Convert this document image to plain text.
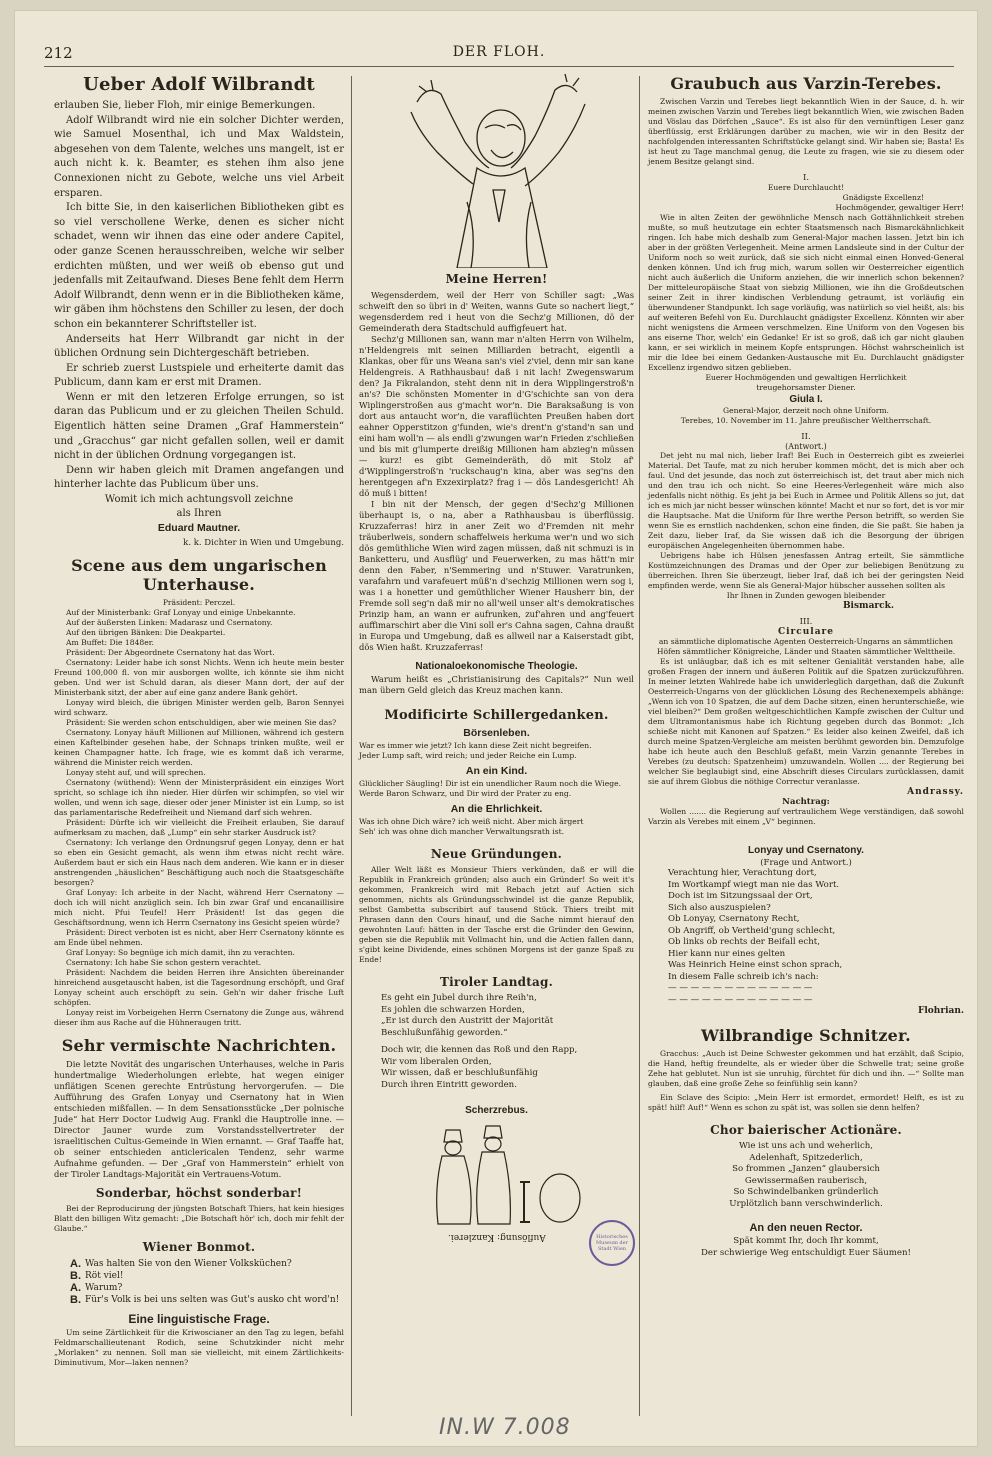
212	DER FLOH.
Ueber Adolf Wilbrandt

erlauben Sie, lieber Floh, mir einige Bemerkungen.

Adolf Wilbrandt wird nie ein solcher Dichter werden, wie Samuel Mosenthal, ich und Max Waldstein, abgesehen von dem Talente, welches uns mangelt, ist er auch nicht k. k. Beamter, es stehen ihm also jene Connexionen nicht zu Gebote, welche uns viel Arbeit ersparen.

Ich bitte Sie, in den kaiserlichen Bibliotheken gibt es so viel verschollene Werke, denen es sicher nicht schadet, wenn wir ihnen das eine oder andere Capitel, oder ganze Scenen herausschreiben, welche wir selber erdichten müßten, und wer weiß ob ebenso gut und jedenfalls mit Zeitaufwand. Dieses Bene fehlt dem Herrn Adolf Wilbrandt, denn wenn er in die Bibliotheken käme, wir gäben ihm höchstens den Schiller zu lesen, der doch schon ein bekannterer Schriftsteller ist.

Anderseits hat Herr Wilbrandt gar nicht in der üblichen Ordnung sein Dichtergeschäft betrieben.

Er schrieb zuerst Lustspiele und erheiterte damit das Publicum, dann kam er erst mit Dramen.

Wenn er mit den letzeren Erfolge errungen, so ist daran das Publicum und er zu gleichen Theilen Schuld. Eigentlich hätten seine Dramen „Graf Hammerstein“ und „Gracchus“ gar nicht gefallen sollen, weil er damit nicht in der üblichen Ordnung vorgegangen ist.

Denn wir haben gleich mit Dramen angefangen und hinterher lachte das Publicum über uns.

Womit ich mich achtungsvoll zeichne
als Ihren
Eduard Mautner.
k. k. Dichter in Wien und Umgebung.
Scene aus dem ungarischen Unterhause.

Präsident: Perczel.

Auf der Ministerbank: Graf Lonyay und einige Unbekannte.

Auf der äußersten Linken: Madarasz und Csernatony.

Auf den übrigen Bänken: Die Deakpartei.

Am Buffet: Die 1848er.

Präsident: Der Abgeordnete Csernatony hat das Wort.

Csernatony: Leider habe ich sonst Nichts. Wenn ich heute mein bester Freund 100,000 fl. von mir ausborgen wollte, ich könnte sie ihm nicht geben. Und wer ist Schuld daran, als dieser Mann dort, der auf der Ministerbank sitzt, der aber auf eine ganz andere Bank gehört.

Lonyay wird bleich, die übrigen Minister werden gelb, Baron Sennyei wird schwarz.

Präsident: Sie werden schon entschuldigen, aber wie meinen Sie das?

Csernatony. Lonyay häuft Millionen auf Millionen, während ich gestern einen Kaftelbinder gesehen habe, der Schnaps trinken mußte, weil er keinen Champagner hatte. Ich frage, wie es kommt daß ich verarme, während die Minister reich werden.

Lonyay steht auf, und will sprechen.

Csernatony (wüthend): Wenn der Ministerpräsident ein einziges Wort spricht, so schlage ich ihn nieder. Hier dürfen wir schimpfen, so viel wir wollen, und wenn ich sage, dieser oder jener Minister ist ein Lump, so ist das parlamentarische Redefreiheit und Niemand darf sich wehren.

Präsident: Dürfte ich wir vielleicht die Freiheit erlauben, Sie darauf aufmerksam zu machen, daß „Lump“ ein sehr starker Ausdruck ist?

Csernatony: Ich verlange den Ordnungsruf gegen Lonyay, denn er hat so eben ein Gesicht gemacht, als wenn ihm etwas nicht recht wäre. Außerdem baut er sich ein Haus nach dem anderen. Wie kann er in dieser anstrengenden „häuslichen“ Beschäftigung auch noch die Staatsgeschäfte besorgen?

Graf Lonyay: Ich arbeite in der Nacht, während Herr Csernatony — doch ich will nicht anzüglich sein. Ich bin zwar Graf und encanaillisire mich nicht. Pfui Teufel! Herr Präsident! Ist das gegen die Geschäftsordnung, wenn ich Herrn Csernatony ins Gesicht speien würde?

Präsident: Direct verboten ist es nicht, aber Herr Csernatony könnte es am Ende übel nehmen.

Graf Lonyay: So begnüge ich mich damit, ihn zu verachten.

Csernatony: Ich habe Sie schon gestern verachtet.

Präsident: Nachdem die beiden Herren ihre Ansichten übereinander hinreichend ausgetauscht haben, ist die Tagesordnung erschöpft, und Graf Lonyay scheint auch erschöpft zu sein. Geh'n wir daher frische Luft schöpfen.

Lonyay reist im Vorbeigehen Herrn Csernatony die Zunge aus, während dieser ihm aus Rache auf die Hühneraugen tritt.

Sehr vermischte Nachrichten.
Die letzte Novität des ungarischen Unterhauses, welche in Paris hundertmalige Wiederholungen erlebte, hat wegen einiger unflätigen Scenen gerechte Entrüstung hervorgerufen. — Die Aufführung des Grafen Lonyay und Csernatony hat in Wien entschieden mißfallen. — In dem Sensationsstücke „Der polnische Jude“ hat Herr Doctor Ludwig Aug. Frankl die Hauptrolle inne. — Director Jauner wurde zum Vorstandsstellvertreter der israelitischen Cultus-Gemeinde in Wien ernannt. — Graf Taaffe hat, ob seiner entschieden anticlericalen Tendenz, sehr warme Aufnahme gefunden. — Der „Graf von Hammerstein“ erhielt von der Tiroler Landtags-Majorität ein Vertrauens-Votum.
Sonderbar, höchst sonderbar!
Bei der Reproducirung der jüngsten Botschaft Thiers, hat kein hiesiges Blatt den billigen Witz gemacht: „Die Botschaft hör' ich, doch mir fehlt der Glaube.“
Wiener Bonmot.
A.	Was halten Sie von den Wiener Volksküchen?
B.	Röt viel!
A.	Warum?
B.	Für's Volk is bei uns selten was Gut's ausko cht word'n!
Eine linguistische Frage.
Um seine Zärtlichkeit für die Kriwoscianer an den Tag zu legen, befahl Feldmarschallieutenant Rodich, seine Schutzkinder nicht mehr „Morlaken“ zu nennen. Soll man sie vielleicht, mit einem Zärtlichkeits-Diminutivum, Mor—laken nennen?
Meine Herren!

Wegensderdem, weil der Herr von Schiller sagt: „Was schweift den so übri in d' Weiten, wanns Gute so nachert liegt,“ wegensderdem red i heut von die Sechz'g Millionen, dö der Gemeinderath dera Stadtschuld auffigfeuert hat.

Sechz'g Millionen san, wann mar n'alten Herrn von Wilhelm, n'Heldengreis mit seinen Milliarden betracht, eigentli a Klankas, ober für uns Weana san's viel z'viel, denn mir san kane Heldengreis. A Rathhausbau! daß i nit lach! Zwegenswarum den? Ja Fikralandon, steht denn nit in dera Wipplingerstroß'n an's? Die schönsten Momenter in d'G'schichte san von dera Wiplingerstroßen aus g'macht wor'n. Die Baraksaßung is von dort aus antaucht wor'n, die varaflüchten Preußen haben dort eahner Opperstitzon g'funden, wie's drent'n g'stand'n san und eini ham woll'n — als endli g'zwungen war'n Frieden z'schließen und bis mit g'lumperte dreißig Millionen ham abzieg'n müssen — kurz! es gibt Gemeinderäth, dö mit Stolz af' d'Wipplingerstroß'n 'ruckschaug'n kina, aber was seg'ns den herentgegen af'n Exzexirplatz? frag i — dös Landesgericht! Ah dö muß i bitten!

I bin nit der Mensch, der gegen d'Sechz'g Millionen überhaupt is, o na, aber a Rathhausbau is überflüssig. Kruzzaferras! hirz in aner Zeit wo d'Fremden nit mehr träuberlweis, sondern schaffelweis herkuma wer'n und wo sich dös gemüthliche Wien wird zagen müssen, daß nit schmuzi is in Banketteru, und Ausflüg' und Feuerwerken, zu mas hätt'n mir denn den Faber, n'Semmering und n'Stuwer. Varatrunken, varafahrn und varafeuert müß'n d'sechzig Millionen wern sog i, was i a honetter und gemüthlicher Wiener Hausherr bin, der Fremde soll seg'n daß mir no all'weil unser alt's demokratisches Prinzip ham, an wann er aufrunken, zuf'ahren und ang'feuert auffimarschirt aber die Vini soll er's Cahna sagen, Cahna draußt in Europa und Umgebung, daß es allweil nar a Kaiserstadt gibt, dös Wien haßt. Kruzzaferras!

Nationaloekonomische Theologie.
Warum heißt es „Christianisirung des Capitals?“ Nun weil man übern Geld gleich das Kreuz machen kann.
Modificirte Schillergedanken.
Börsenleben.

War es immer wie jetzt? Ich kann diese Zeit nicht begreifen.

Jeder Lump saft, wird reich; und jeder Reiche ein Lump.

An ein Kind.

Glücklicher Säugling! Dir ist ein unendlicher Raum noch die Wiege.

Werde Baron Schwarz, und Dir wird der Prater zu eng.

An die Ehrlichkeit.

Was ich ohne Dich wäre? ich weiß nicht. Aber mich ärgert

Seh' ich was ohne dich mancher Verwaltungsrath ist.

Neue Gründungen.
Aller Welt läßt es Monsieur Thiers verkünden, daß er will die Republik in Frankreich gründen; also auch ein Gründer! So weit it's gekommen, Frankreich wird mit Rebach jetzt auf Actien sich genommen, nichts als Gründungsschwindel ist die ganze Republik, selbst Gambetta subscribirt auf tausend Stück. Thiers treibt mit Phrasen dann den Cours hinauf, und die Sache nimmt hierauf den gewohnten Lauf: hätten in der Tasche erst die Gründer den Gewinn, geben sie die Republik mit Vollmacht hin, und die Actien fallen dann, s'gibt keine Dividende, eines schönen Morgens ist der ganze Spaß zu Ende!
Tiroler Landtag.

Es geht ein Jubel durch ihre Reih'n,

Es johlen die schwarzen Horden,

„Er ist durch den Austritt der Majorität

Beschlußunfähig geworden.“

Doch wir, die kennen das Roß und den Rapp,

Wir vom liberalen Orden,

Wir wissen, daß er beschlußunfähig

Durch ihren Eintritt geworden.

Scherzrebus.
Auflösung: Kanzlerei.	Historisches Museum der Stadt Wien
IN.W 7.008
Graubuch aus Varzin-Terebes.
Zwischen Varzin und Terebes liegt bekanntlich Wien in der Sauce, d. h. wir meinen zwischen Varzin und Terebes liegt bekanntlich Wien, wie zwischen Baden und Vöslau das Dörfchen „Sauce“. Es ist also für den vernünftigen Leser ganz überflüssig, erst Erklärungen darüber zu machen, wie wir in den Besitz der nachfolgenden interessanten Schriftstücke gelangt sind. Wir haben sie; Basta! Es ist heut zu Tage manchmal genug, die Leute zu fragen, wie sie zu diesem oder jenem Besitze gelangt sind.
I.

Euere Durchlaucht!

Gnädigste Excellenz!

Hochmögender, gewaltiger Herr!

Wie in alten Zeiten der gewöhnliche Mensch nach Gottähnlichkeit streben mußte, so muß heutzutage ein echter Staatsmensch nach Bismarckähnlichkeit ringen. Ich habe mich deshalb zum General-Major machen lassen. Jetzt bin ich aber in der größten Verlegenheit. Meine armen Landsleute sind in der Cultur der Uniform noch so weit zurück, daß sie sich nicht einmal einen Honved-General denken können. Und ich frug mich, warum sollen wir Oesterreicher eigentlich nicht auch äußerlich die Uniform anziehen, die wir innerlich schon bekennen? Der mitteleuropäische Staat von siebzig Millionen, wie ihn die Großdeutschen seiner Zeit in ihrer kindischen Verblendung getraumt, ist vorläufig ein überwundener Standpunkt. Ich sage vorläufig, was natürlich so viel heißt, als: bis auf weiteren Befehl von Eu. Durchlaucht gnädigster Excellenz. Könnten wir aber nicht wenigstens die Armeen verschmelzen. Eine Uniform von den Vogesen bis ans eiserne Thor, welch' ein Gedanke! Er ist so groß, daß ich gar nicht glauben kann, er sei wirklich in meinem Kopfe entsprungen. Höchst wahrscheinlich ist mir die Idee bei einem Gedanken-Austausche mit Eu. Durchlaucht gnädigster Excellenz irgendwo sitzen geblieben.

Euerer Hochmögenden und gewaltigen Herrlichkeit

treugehorsamster Diener.

Giula I.

General-Major, derzeit noch ohne Uniform.

Terebes, 10. November im 11. Jahre preußischer Weltherrschaft.

II.
(Antwort.)
Det jeht nu mal nich, lieber Iraf! Bei Euch in Oesterreich gibt es zweierlei Material. Det Taufe, mat zu nich heruber kommen möcht, det is mich aber och faul. Und det jesunde, das noch zut österreichisch ist, det traut aber mich nich und den trau ich och nicht. So eine Heeres-Verlegenheit wäre mich also jedenfalls nicht nöthig. Es jeht ja bei Euch in Armee und Politik Allens so jut, dat ich es mich jar nicht besser wünschen könnte! Macht et nur so fort, det is vor mir die Hauptsache. Mat die Uniform für Ihre werthe Person betrifft, so werden Sie wenn Sie es ernstlich nachdenken, schon eine finden, die Sie paßt. Sie haben ja Zeit dazu, lieber Iraf, da Sie wissen daß ich die Besorgung der übrigen europäischen Angelegenheiten übernommen habe.
Uebrigens habe ich Hülsen jenesfassen Antrag erteilt, Sie sämmtliche Kostümzeichnungen des Dramas und der Oper zur beliebigen Benützung zu überreichen. Ihren Sie überzeugt, lieber Iraf, daß ich bei der geringsten Neid empfinden werde, wenn Sie als General-Major hübscher aussehen sollten als
Ihr Ihnen in Zunden gewogen bleibender
Bismarck.
III.
Circulare
an sämmtliche diplomatische Agenten Oesterreich-Ungarns an sämmtlichen Höfen sämmtlicher Königreiche, Länder und Staaten sämmtlicher Welttheile.
Es ist unläugbar, daß ich es mit seltener Genialität verstanden habe, alle großen Fragen der innern und äußeren Politik auf die Spatzen zurückzuführen. In meiner letzten Wahlrede habe ich unwiderleglich dargethan, daß die Zukunft Oesterreich-Ungarns von der glücklichen Lösung des Rechenexempels abhänge: „Wenn ich von 10 Spatzen, die auf dem Dache sitzen, einen herunterschieße, wie viel bleiben?“ Dem großen weltgeschichtlichen Kampfe zwischen der Cultur und dem Ultramontanismus habe ich Richtung gegeben durch das Bonmot: „Ich schieße nicht mit Kanonen auf Spatzen.“ Es leider also keinen Zweifel, daß ich durch meine Spatzen-Vergleiche am meisten berühmt geworden bin. Demzufolge habe ich heute auch den Beschluß gefaßt, mein Varzin genannte Terebes in Verebes (zu deutsch: Spatzenheim) umzuwandeln. Wollen .... der Regierung bei welcher Sie beglaubigt sind, eine Abschrift dieses Circulars zurücklassen, damit sie auf ihrem Globus die nöthige Correctur veranlasse.
Andrassy.
Nachtrag:
Wollen ....... die Regierung auf vertraulichem Wege verständigen, daß sowohl Varzin als Verebes mit einem „V“ beginnen.
Lonyay und Csernatony.
(Frage und Antwort.)

Verachtung hier, Verachtung dort,

Im Wortkampf wiegt man nie das Wort.

Doch ist im Sitzungssaal der Ort,

Sich also auszuspielen?

Ob Lonyay, Csernatony Recht,

Ob Angriff, ob Vertheid'gung schlecht,

Ob links ob rechts der Beifall echt,

Hier kann nur eines gelten

Was Heinrich Heine einst schon sprach,

In diesem Falle schreib ich's nach:

— — — — — — — — — — — — —

— — — — — — — — — — — — —

Flohrian.
Wilbrandige Schnitzer.
Gracchus: „Auch ist Deine Schwester gekommen und hat erzählt, daß Scipio, die Hand, heftig freundelte, als er wieder über die Schwelle trat; seine große Zehe hat geblutet. Nun ist sie unruhig, fürchtet für dich und ihn. —“ Sollte man glauben, daß eine große Zehe so feinfühlig sein kann?
Ein Sclave des Scipio: „Mein Herr ist ermordet, ermordet! Helft, es ist zu spät! hilf! Auf!“ Wenn es schon zu spät ist, was sollen sie denn helfen?
Chor baierischer Actionäre.

Wie ist uns ach und weherlich,

Adelenhaft, Spitzederlich,

So frommen „Janzen“ glaubersich

Gewissermaßen rauberisch,

So Schwindelbanken gründerlich

Urplötzlich bann verschwinderlich.

An den neuen Rector.

Spät kommt Ihr, doch Ihr kommt,

Der schwierige Weg entschuldigt Euer Säumen!
